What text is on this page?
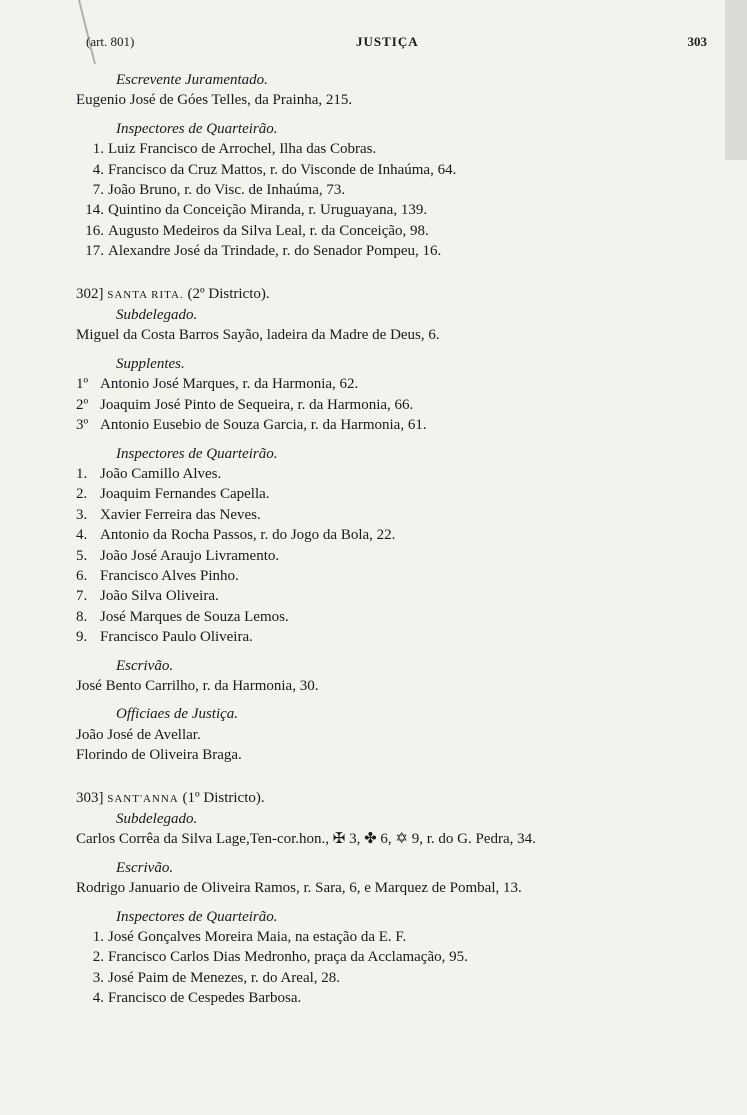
(art. 801)	JUSTIÇA	303
Escrevente Juramentado.
Eugenio José de Góes Telles, da Prainha, 215.
Inspectores de Quarteirão.
1. Luiz Francisco de Arrochel, Ilha das Cobras.
4. Francisco da Cruz Mattos, r. do Visconde de Inhaúma, 64.
7. João Bruno, r. do Visc. de Inhaúma, 73.
14. Quintino da Conceição Miranda, r. Uruguayana, 139.
16. Augusto Medeiros da Silva Leal, r. da Conceição, 98.
17. Alexandre José da Trindade, r. do Senador Pompeu, 16.
302] SANTA RITA. (2º Districto).
Subdelegado.
Miguel da Costa Barros Sayão, ladeira da Madre de Deus, 6.
Supplentes.
1º Antonio José Marques, r. da Harmonia, 62.
2º Joaquim José Pinto de Sequeira, r. da Harmonia, 66.
3º Antonio Eusebio de Souza Garcia, r. da Harmonia, 61.
Inspectores de Quarteirão.
1. João Camillo Alves.
2. Joaquim Fernandes Capella.
3. Xavier Ferreira das Neves.
4. Antonio da Rocha Passos, r. do Jogo da Bola, 22.
5. João José Araujo Livramento.
6. Francisco Alves Pinho.
7. João Silva Oliveira.
8. José Marques de Souza Lemos.
9. Francisco Paulo Oliveira.
Escrivão.
José Bento Carrilho, r. da Harmonia, 30.
Officiaes de Justiça.
João José de Avellar.
Florindo de Oliveira Braga.
303] SANT'ANNA (1º Districto).
Subdelegado.
Carlos Corrêa da Silva Lage,Ten-cor.hon., ✠ 3, ✤ 6, ✡ 9, r. do G. Pedra, 34.
Escrivão.
Rodrigo Januario de Oliveira Ramos, r. Sara, 6, e Marquez de Pombal, 13.
Inspectores de Quarteirão.
1. José Gonçalves Moreira Maia, na estação da E. F.
2. Francisco Carlos Dias Medronho, praça da Acclamação, 95.
3. José Paim de Menezes, r. do Areal, 28.
4. Francisco de Cespedes Barbosa.
